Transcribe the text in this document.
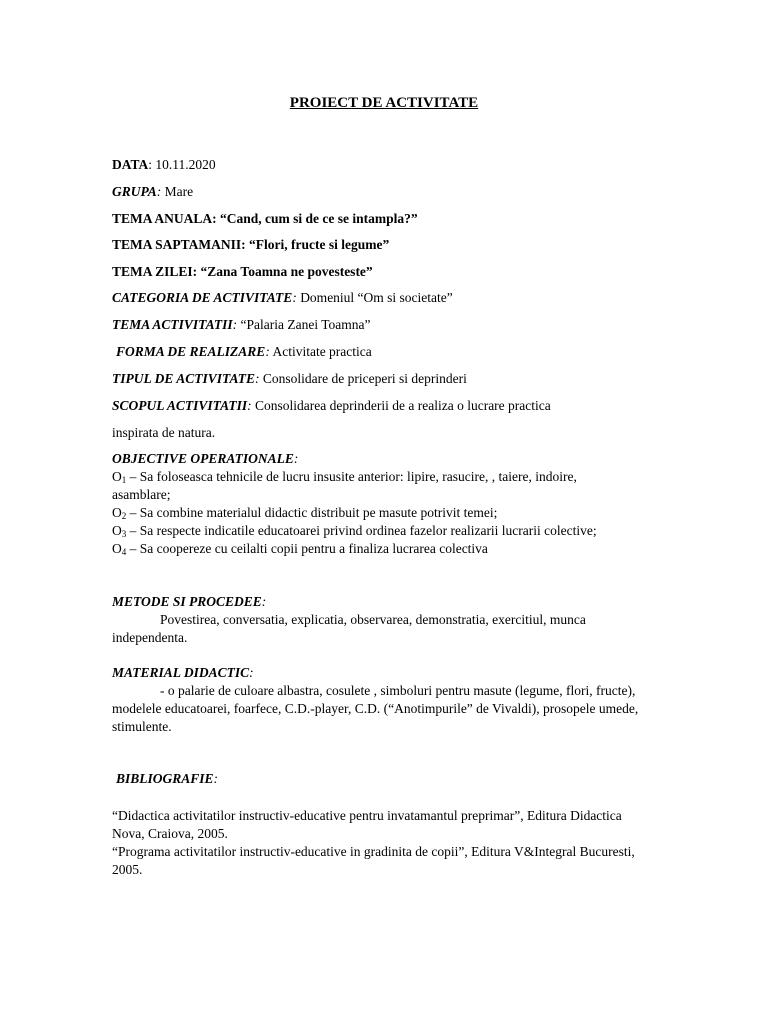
PROIECT DE ACTIVITATE
DATA: 10.11.2020
GRUPA: Mare
TEMA ANUALA: “Cand, cum si de ce se intampla?”
TEMA SAPTAMANII: “Flori, fructe si legume”
TEMA ZILEI: “Zana Toamna ne povesteste”
CATEGORIA DE ACTIVITATE: Domeniul “Om si societate”
TEMA ACTIVITATII: “Palaria Zanei Toamna”
FORMA DE REALIZARE: Activitate practica
TIPUL DE ACTIVITATE: Consolidare de priceperi si deprinderi
SCOPUL ACTIVITATII: Consolidarea deprinderii de a realiza o lucrare practica
inspirata de natura.
OBJECTIVE OPERATIONALE:
$O_1$ – Sa foloseasca tehnicile de lucru insusite anterior: lipire, rasucire, , taiere, indoire,
asamblare;
$O_2$ – Sa combine materialul didactic distribuit pe masute potrivit temei;
$O_3$ – Sa respecte indicatile educatoarei privind ordinea fazelor realizarii lucrarii colective;
$O_4$ – Sa coopereze cu ceilalti copii pentru a finaliza lucrarea colectiva
METODE SI PROCEDEE:
Povestirea, conversatia, explicatia, observarea, demonstratia, exercitiul, munca independenta.
MATERIAL DIDACTIC:
- o palarie de culoare albastra, cosulete , simboluri pentru masute (legume, flori, fructe), modelele educatoarei, foarfece, C.D.-player, C.D. (“Anotimpurile” de Vivaldi), prosopele umede, stimulente.
BIBLIOGRAFIE:
“Didactica activitatilor instructiv-educative pentru invatamantul preprimar”, Editura Didactica Nova, Craiova, 2005.
“Programa activitatilor instructiv-educative in gradinita de copii”, Editura V&Integral Bucuresti, 2005.
